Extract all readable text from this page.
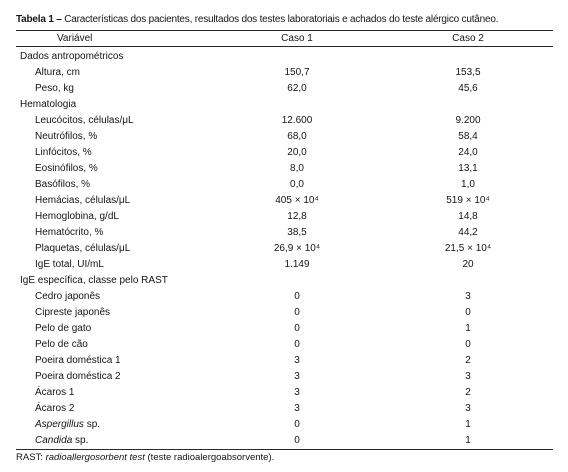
Tabela 1 – Características dos pacientes, resultados dos testes laboratoriais e achados do teste alérgico cutâneo.
Variável	Caso 1	Caso 2
Dados antropométricos
Altura, cm	150,7	153,5
Peso, kg	62,0	45,6
Hematologia
Leucócitos, células/μL	12.600	9.200
Neutrófilos, %	68,0	58,4
Linfócitos, %	20,0	24,0
Eosinófilos, %	8,0	13,1
Basófilos, %	0,0	1,0
Hemácias, células/μL	405 × 10⁴	519 × 10⁴
Hemoglobina, g/dL	12,8	14,8
Hematócrito, %	38,5	44,2
Plaquetas, células/μL	26,9 × 10⁴	21,5 × 10⁴
IgE total, UI/mL	1.149	20
IgE específica, classe pelo RAST
Cedro japonês	0	3
Cipreste japonês	0	0
Pelo de gato	0	1
Pelo de cão	0	0
Poeira doméstica 1	3	2
Poeira doméstica 2	3	3
Ácaros 1	3	2
Ácaros 2	3	3
Aspergillus sp.	0	1
Candida sp.	0	1
RAST: radioallergosorbent test (teste radioalergoabsorvente).
